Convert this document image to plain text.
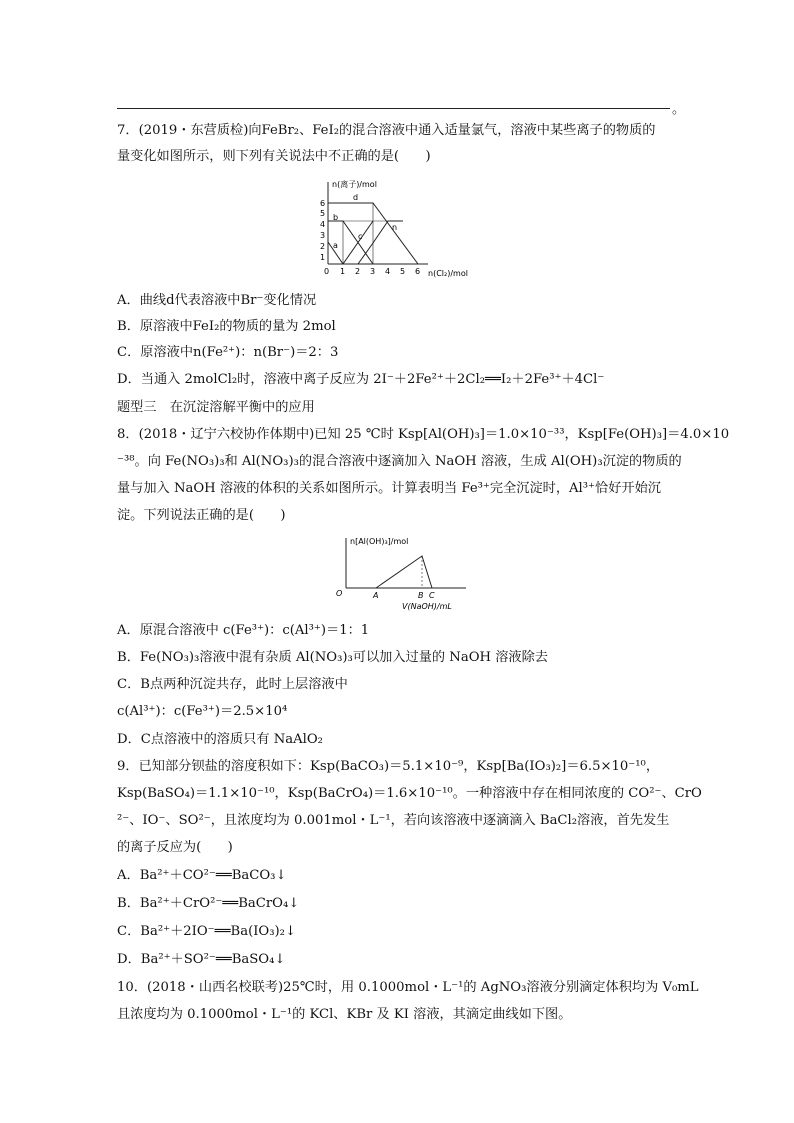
。
7．(2019・东营质检)向FeBr₂、FeI₂的混合溶液中通入适量氯气，溶液中某些离子的物质的
量变化如图所示，则下列有关说法中不正确的是(　　)
n(离子)/mol
n(Cl₂)/mol
6
5
4
3
2
1
0 1 2 3 4 5 6
d
b
a
c
n
A．曲线d代表溶液中Br⁻变化情况
B．原溶液中FeI₂的物质的量为 2mol
C．原溶液中n(Fe²⁺)：n(Br⁻)＝2：3
D．当通入 2molCl₂时，溶液中离子反应为 2I⁻＋2Fe²⁺＋2Cl₂══I₂＋2Fe³⁺＋4Cl⁻
题型三　在沉淀溶解平衡中的应用
8．(2018・辽宁六校协作体期中)已知 25 ℃时 Ksp[Al(OH)₃]＝1.0×10⁻³³，Ksp[Fe(OH)₃]＝4.0×10
⁻³⁸。向 Fe(NO₃)₃和 Al(NO₃)₃的混合溶液中逐滴加入 NaOH 溶液，生成 Al(OH)₃沉淀的物质的
量与加入 NaOH 溶液的体积的关系如图所示。计算表明当 Fe³⁺完全沉淀时，Al³⁺恰好开始沉
淀。下列说法正确的是(　　)
n[Al(OH)₃]/mol
V(NaOH)/mL
O	A	B C
A．原混合溶液中 c(Fe³⁺)：c(Al³⁺)＝1：1
B．Fe(NO₃)₃溶液中混有杂质 Al(NO₃)₃可以加入过量的 NaOH 溶液除去
C．B点两种沉淀共存，此时上层溶液中
c(Al³⁺)：c(Fe³⁺)＝2.5×10⁴
D．C点溶液中的溶质只有 NaAlO₂
9．已知部分钡盐的溶度积如下：Ksp(BaCO₃)＝5.1×10⁻⁹，Ksp[Ba(IO₃)₂]＝6.5×10⁻¹⁰，
Ksp(BaSO₄)＝1.1×10⁻¹⁰，Ksp(BaCrO₄)＝1.6×10⁻¹⁰。一种溶液中存在相同浓度的 CO²⁻、CrO
²⁻、IO⁻、SO²⁻，且浓度均为 0.001mol・L⁻¹，若向该溶液中逐滴滴入 BaCl₂溶液，首先发生
的离子反应为(　　)
A．Ba²⁺＋CO²⁻══BaCO₃↓
B．Ba²⁺＋CrO²⁻══BaCrO₄↓
C．Ba²⁺＋2IO⁻══Ba(IO₃)₂↓
D．Ba²⁺＋SO²⁻══BaSO₄↓
10．(2018・山西名校联考)25℃时，用 0.1000mol・L⁻¹的 AgNO₃溶液分别滴定体积均为 V₀mL
且浓度均为 0.1000mol・L⁻¹的 KCl、KBr 及 KI 溶液，其滴定曲线如下图。
